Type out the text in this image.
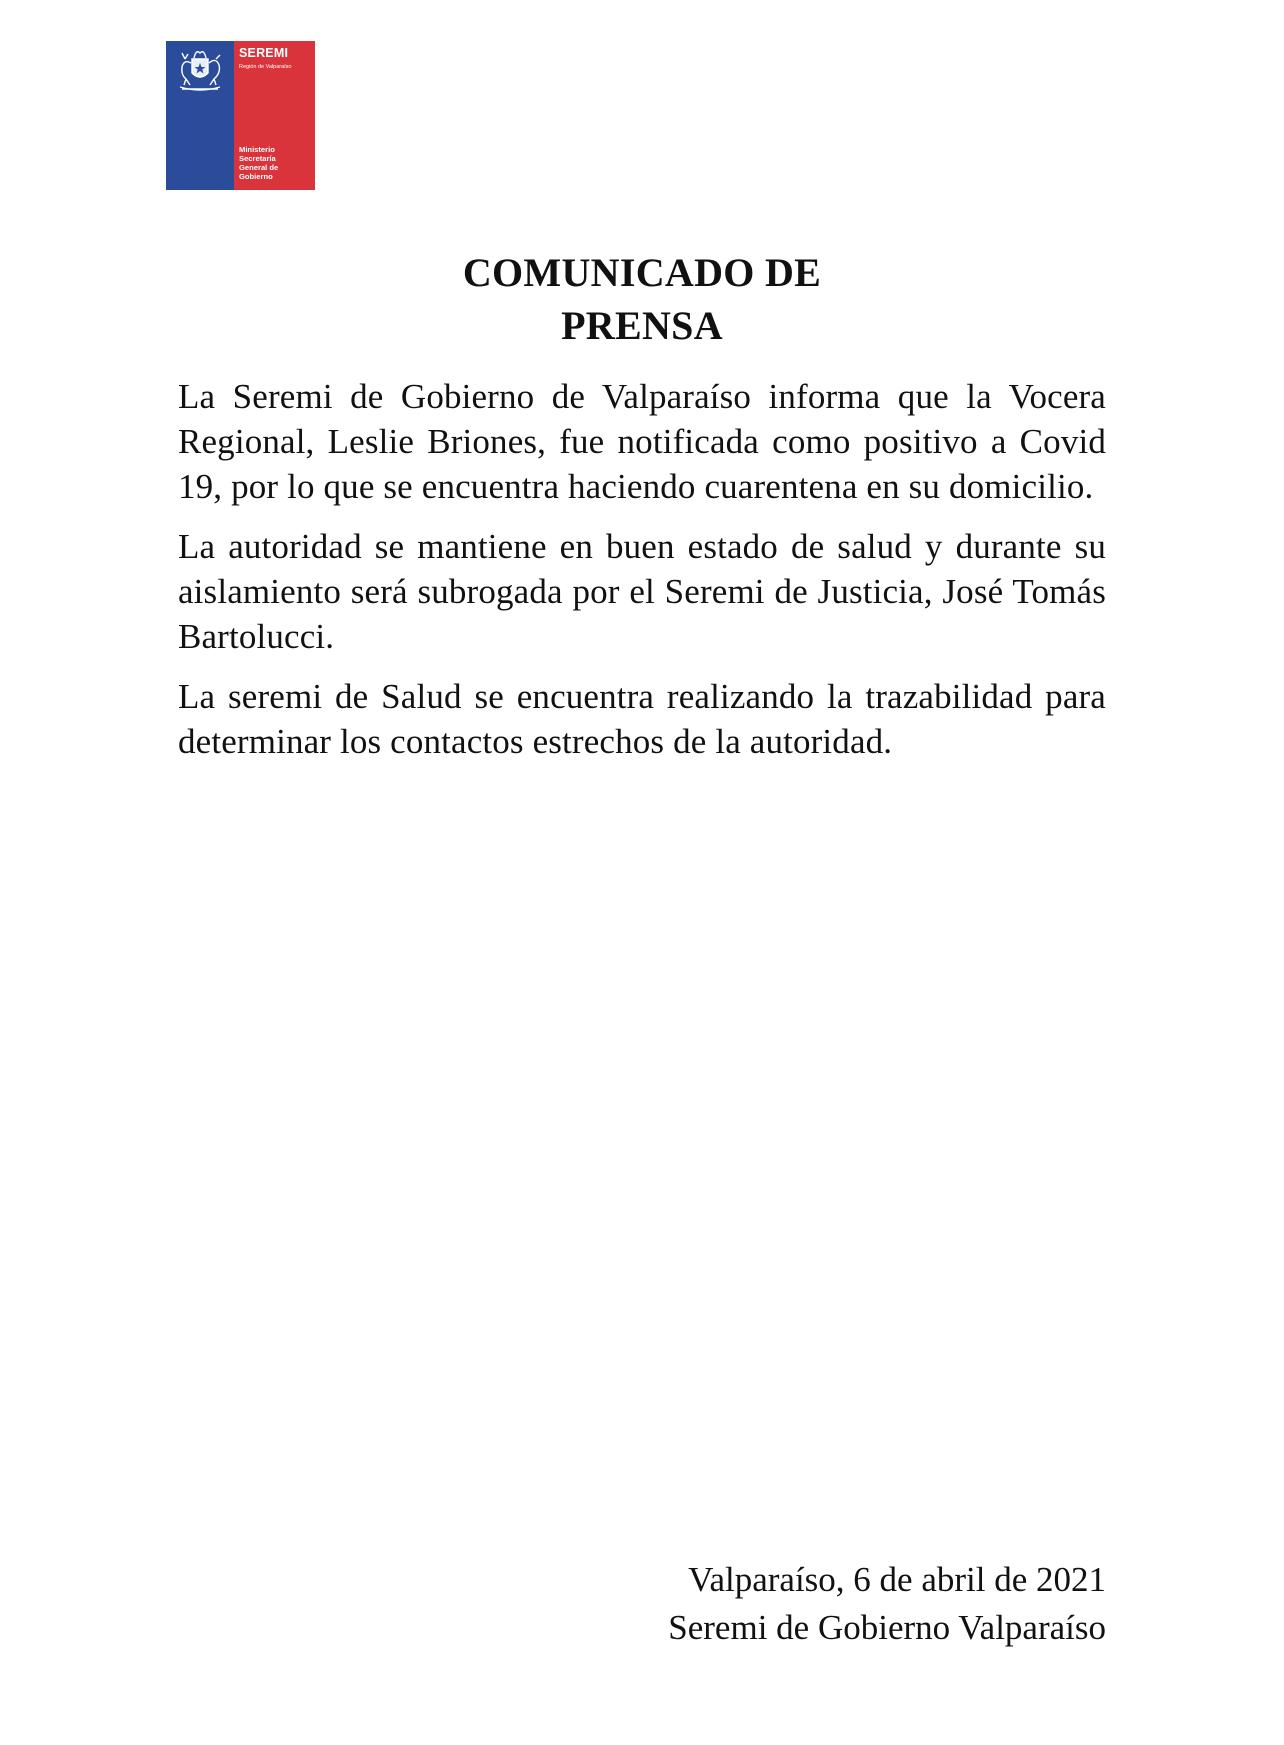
SEREMI
Región de Valparaíso
Ministerio
Secretaría
General de
Gobierno
COMUNICADO DE
PRENSA

La Seremi de Gobierno de Valparaíso informa que la Vocera Regional, Leslie Briones, fue notificada como positivo a Covid 19, por lo que se encuentra haciendo cuarentena en su domicilio.

La autoridad se mantiene en buen estado de salud y durante su aislamiento será subrogada por el Seremi de Justicia, José Tomás Bartolucci.

La seremi de Salud se encuentra realizando la trazabilidad para determinar los contactos estrechos de la autoridad.

Valparaíso, 6 de abril de 2021
Seremi de Gobierno Valparaíso
